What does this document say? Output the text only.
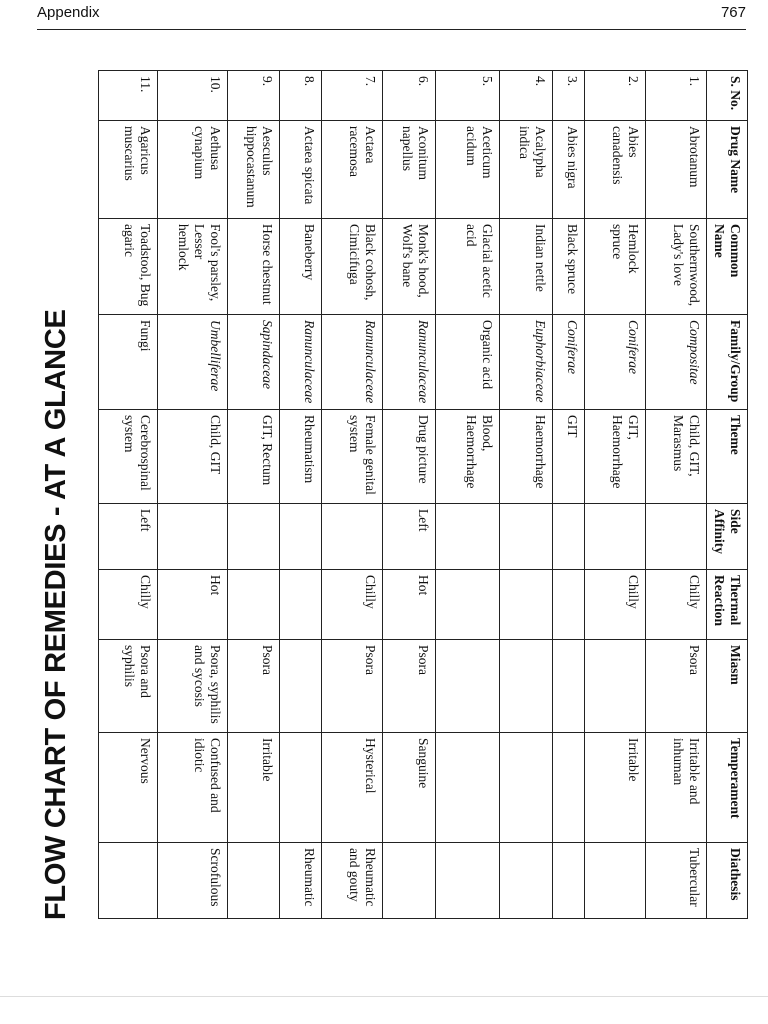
Appendix	767
FLOW CHART OF REMEDIES - AT A GLANCE
S. No.	Drug Name	Common Name	Family/Group	Theme	Side Affinity	Thermal Reaction	Miasm	Temperament	Diathesis
1.	Abrotanum	Southernwood, Lady's love	Compositae	Child, GIT, Marasmus		Chilly	Psora	Irritable and inhuman	Tubercular
2.	Abies canadensis	Hemlock spruce	Coniferae	GIT, Haemorrhage		Chilly		Irritable	
3.	Abies nigra	Black spruce	Coniferae	GIT					
4.	Acalypha indica	Indian nettle	Euphorbiaceae	Haemorrhage					
5.	Aceticum acidum	Glacial acetic acid	Organic acid	Blood, Haemorrhage					
6.	Aconitum napellus	Monk's hood, Wolf's bane	Ranunculaceae	Drug picture	Left	Hot	Psora	Sanguine	
7.	Actaea racemosa	Black cohosh, Cimicifuga	Ranunculaceae	Female genital system		Chilly	Psora	Hysterical	Rheumatic and gouty
8.	Actaea spicata	Baneberry	Ranunculaceae	Rheumatism					Rheumatic
9.	Aesculus hippocastanum	Horse chestnut	Sapindaceae	GIT, Rectum			Psora	Irritable	
10.	Aethusa cynapium	Fool's parsley, Lesser hemlock	Umbelliferae	Child, GIT		Hot	Psora, syphilis and sycosis	Confused and idiotic	Scrofulous
11.	Agaricus muscarius	Toadstool, Bug agaric	Fungi	Cerebrospinal system	Left	Chilly	Psora and syphilis	Nervous	
